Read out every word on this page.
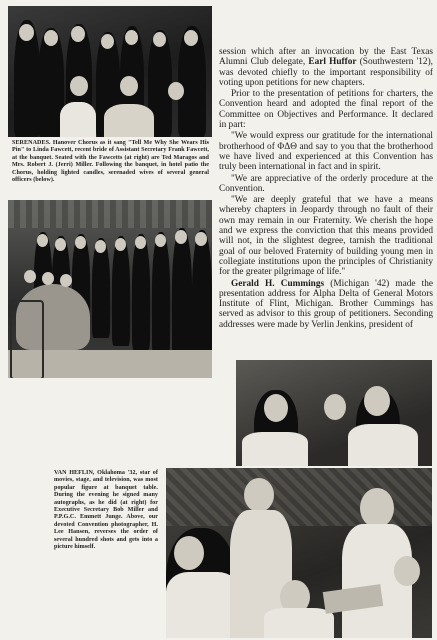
SERENADES. Hanover Chorus as it sang "Tell Me Why She Wears His Pin" to Linda Fawcett, recent bride of Assistant Secretary Frank Fawcett, at the banquet. Seated with the Fawcetts (at right) are Ted Maragos and Mrs. Robert J. (Jerri) Miller. Following the banquet, in hotel patio the Chorus, holding lighted candles, serenaded wives of several general officers (below).

session which after an invocation by the East Texas Alumni Club delegate, Earl Huffor (Southwestern '12), was devoted chiefly to the important responsibility of voting upon petitions for new chapters.

Prior to the presentation of petitions for charters, the Convention heard and adopted the final report of the Committee on Objectives and Performance. It declared in part:

"We would express our gratitude for the international brotherhood of ΦΔΘ and say to you that the brotherhood we have lived and experienced at this Convention has truly been international in fact and in spirit.

"We are appreciative of the orderly procedure at the Convention.

"We are deeply grateful that we have a means whereby chapters in Jeopardy through no fault of their own may remain in our Fraternity. We cherish the hope and we express the conviction that this means provided will not, in the slightest degree, tarnish the traditional goal of our beloved Fraternity of building young men in collegiate institutions upon the principles of Christianity for the greater pilgrimage of life."

Gerald H. Cummings (Michigan '42) made the presentation address for Alpha Delta of General Motors Institute of Flint, Michigan. Brother Cummings has served as advisor to this group of petitioners. Seconding addresses were made by Verlin Jenkins, president of

VAN HEFLIN, Oklahoma '32, star of movies, stage, and television, was most popular figure at banquet table. During the evening he signed many autographs, as he did (at right) for Executive Secretary Bob Miller and P.P.G.C. Emmett Junge. Above, our devoted Convention photographer, H. Lee Hansen, reverses the order of several hundred shots and gets into a picture himself.
